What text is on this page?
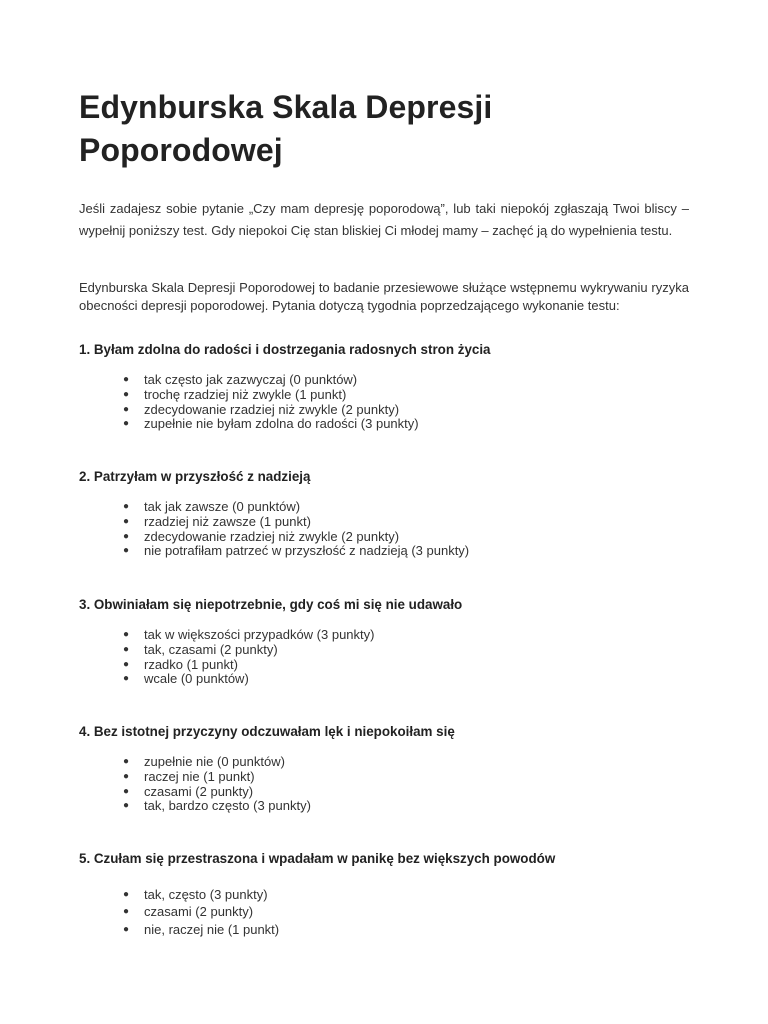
Edynburska Skala Depresji Poporodowej

Jeśli zadajesz sobie pytanie „Czy mam depresję poporodową”, lub taki niepokój zgłaszają Twoi bliscy – wypełnij poniższy test. Gdy niepokoi Cię stan bliskiej Ci młodej mamy – zachęć ją do wypełnienia testu.

Edynburska Skala Depresji Poporodowej to badanie przesiewowe służące wstępnemu wykrywaniu ryzyka obecności depresji poporodowej. Pytania dotyczą tygodnia poprzedzającego wykonanie testu:

1. Byłam zdolna do radości i dostrzegania radosnych stron życia
● tak często jak zazwyczaj (0 punktów)
● trochę rzadziej niż zwykle (1 punkt)
● zdecydowanie rzadziej niż zwykle (2 punkty)
● zupełnie nie byłam zdolna do radości (3 punkty)
2. Patrzyłam w przyszłość z nadzieją
● tak jak zawsze (0 punktów)
● rzadziej niż zawsze (1 punkt)
● zdecydowanie rzadziej niż zwykle (2 punkty)
● nie potrafiłam patrzeć w przyszłość z nadzieją (3 punkty)
3. Obwiniałam się niepotrzebnie, gdy coś mi się nie udawało
● tak w większości przypadków (3 punkty)
● tak, czasami (2 punkty)
● rzadko (1 punkt)
● wcale (0 punktów)
4. Bez istotnej przyczyny odczuwałam lęk i niepokoiłam się
● zupełnie nie (0 punktów)
● raczej nie (1 punkt)
● czasami (2 punkty)
● tak, bardzo często (3 punkty)
5. Czułam się przestraszona i wpadałam w panikę bez większych powodów
● tak, często (3 punkty)
● czasami (2 punkty)
● nie, raczej nie (1 punkt)
